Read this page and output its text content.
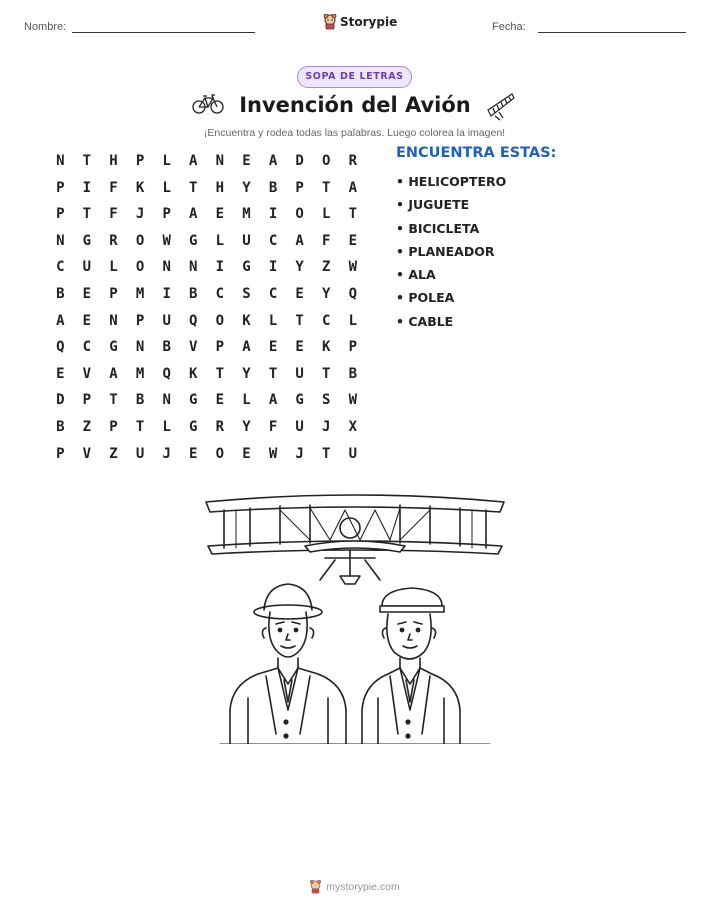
Nombre:	Storypie	Fecha:
SOPA DE LETRAS
Invención del Avión
¡Encuentra y rodea todas las palabras. Luego colorea la imagen!
N	T	H	P	L	A	N	E	A	D	O	R
P	I	F	K	L	T	H	Y	B	P	T	A
P	T	F	J	P	A	E	M	I	O	L	T
N	G	R	O	W	G	L	U	C	A	F	E
C	U	L	O	N	N	I	G	I	Y	Z	W
B	E	P	M	I	B	C	S	C	E	Y	Q
A	E	N	P	U	Q	O	K	L	T	C	L
Q	C	G	N	B	V	P	A	E	E	K	P
E	V	A	M	Q	K	T	Y	T	U	T	B
D	P	T	B	N	G	E	L	A	G	S	W
B	Z	P	T	L	G	R	Y	F	U	J	X
P	V	Z	U	J	E	O	E	W	J	T	U
ENCUENTRA ESTAS:
• HELICOPTERO
• JUGUETE
• BICICLETA
• PLANEADOR
• ALA
• POLEA
• CABLE
mystorypie.com
